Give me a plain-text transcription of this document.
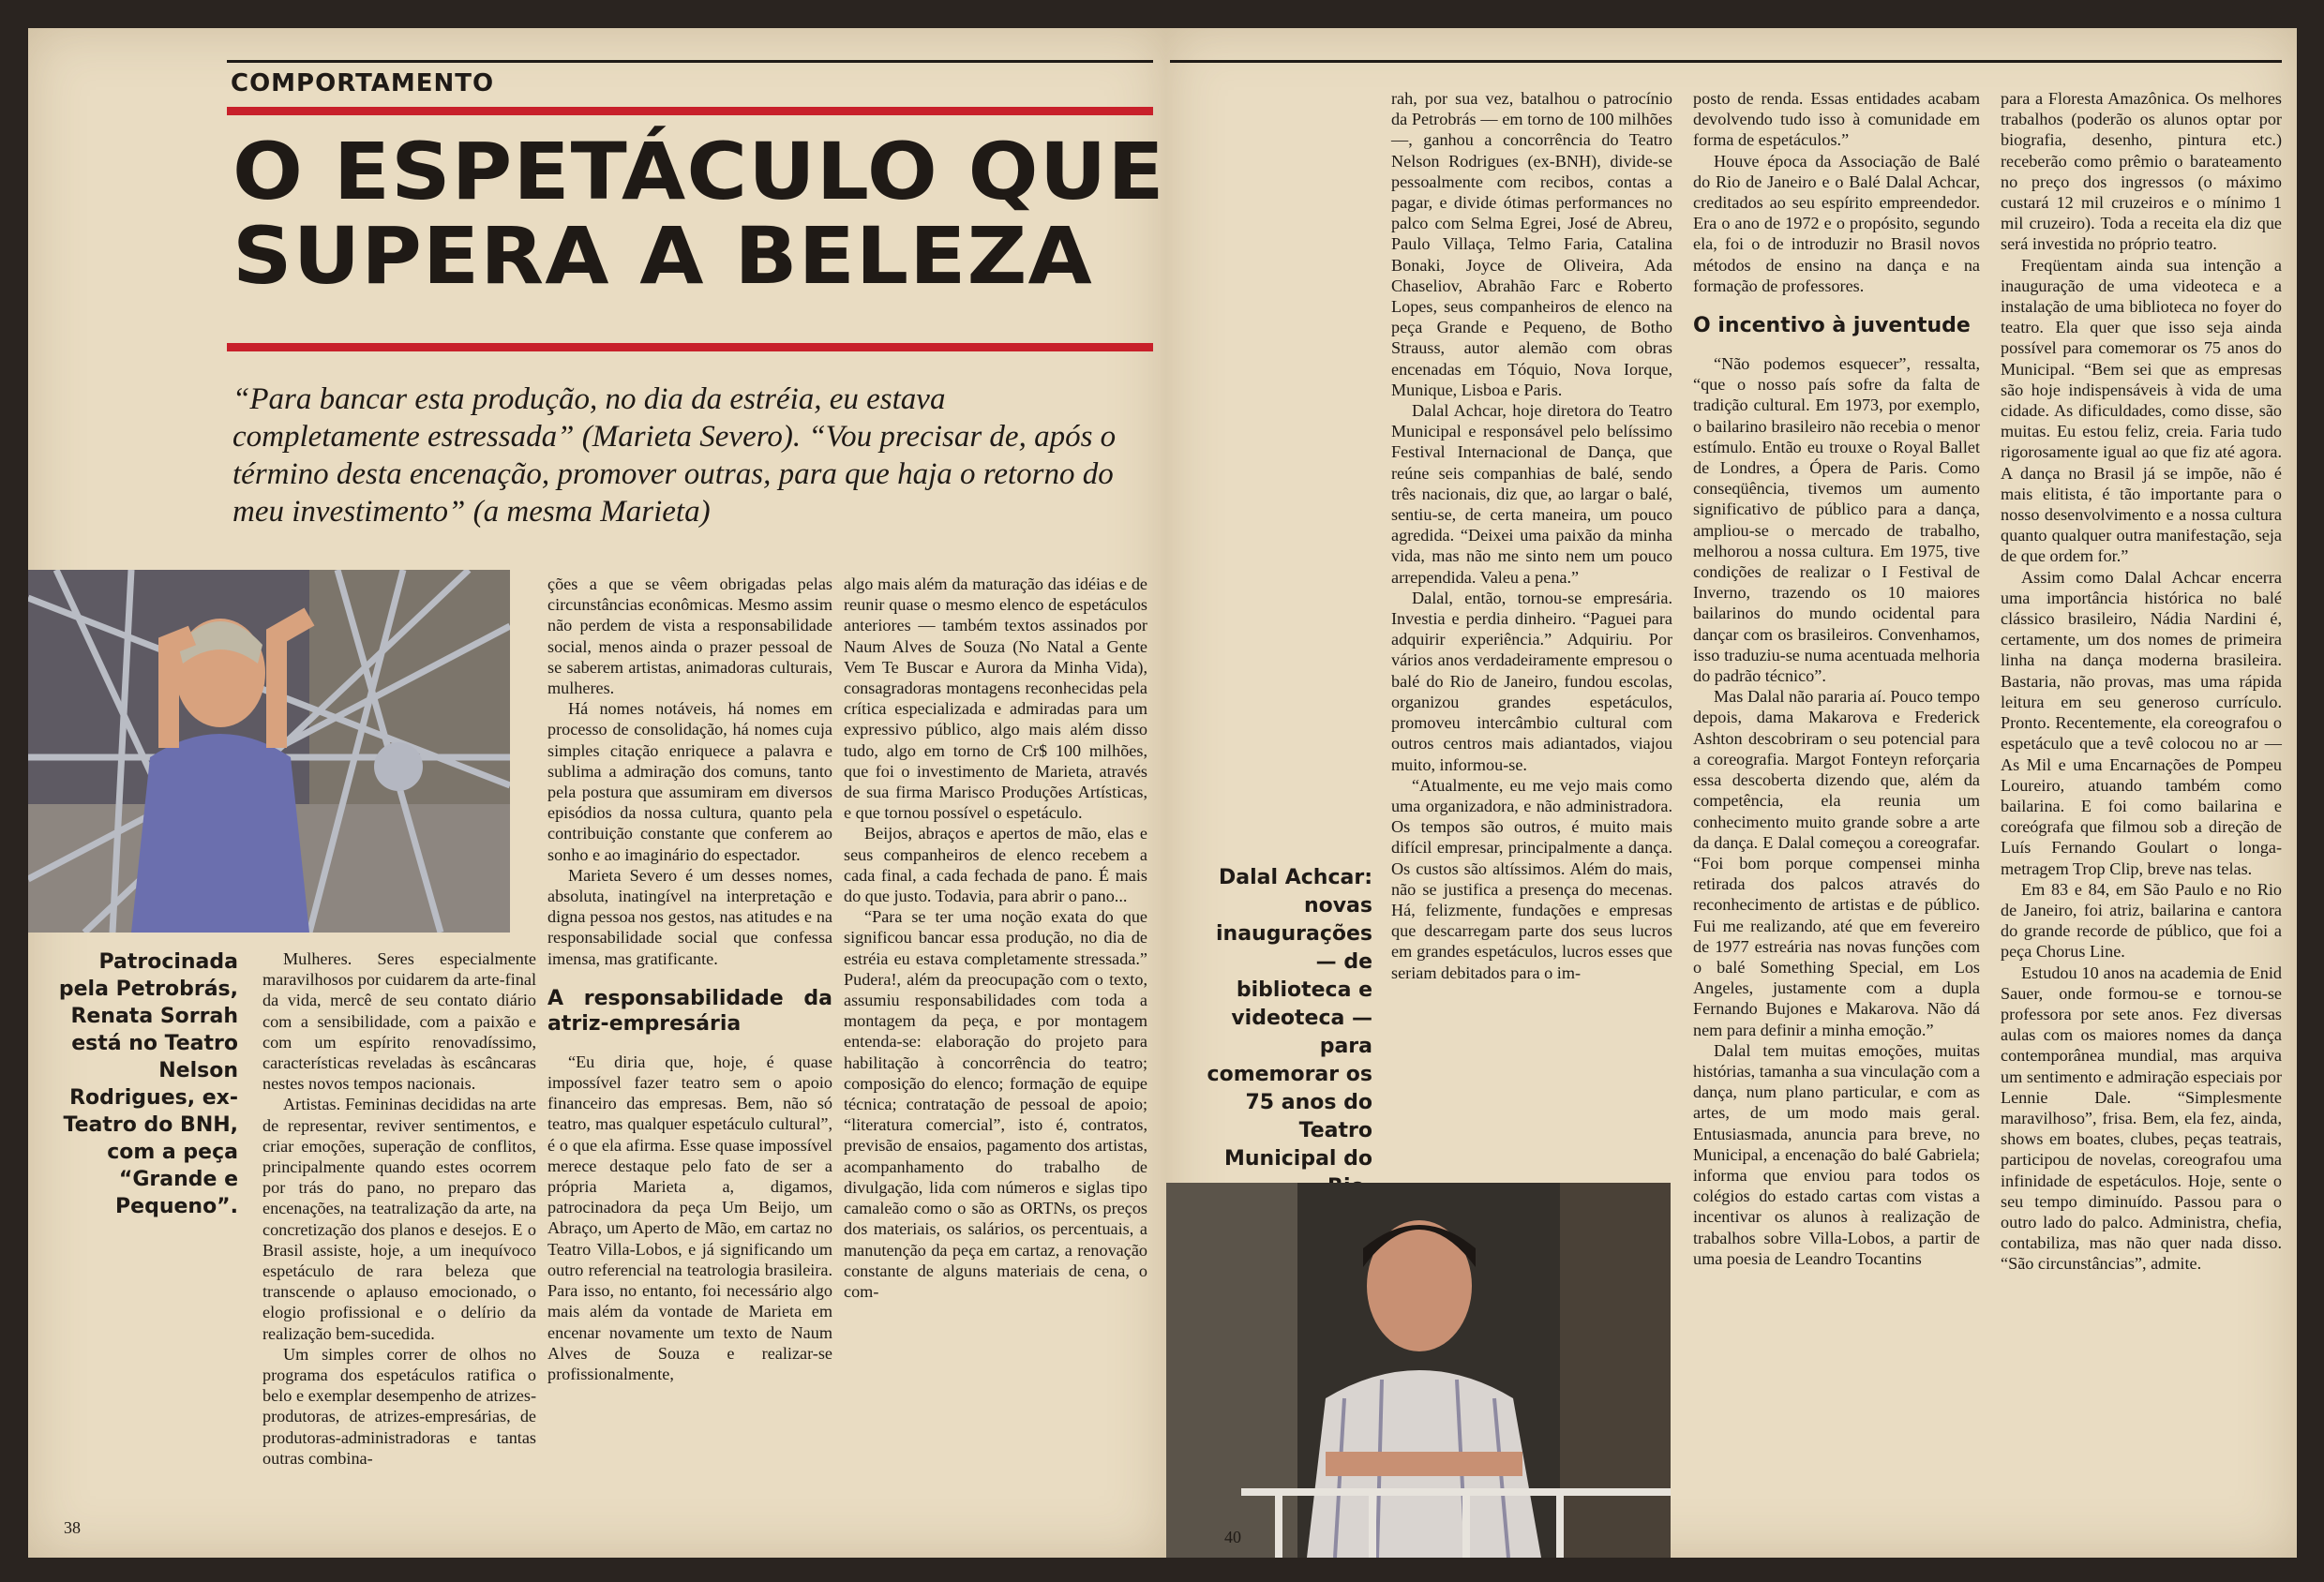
COMPORTAMENTO
O ESPETÁCULO QUE
SUPERA A BELEZA
“Para bancar esta produção, no dia da estréia, eu estava completamente estressada” (Marieta Severo). “Vou precisar de, após o término desta encenação, promover outras, para que haja o retorno do meu investimento” (a mesma Marieta)
Patrocinada pela Petrobrás, Renata Sorrah está no Teatro Nelson Rodrigues, ex-Teatro do BNH, com a peça “Grande e Pequeno”.

Mulheres. Seres especialmente maravilhosos por cuidarem da arte-final da vida, mercê de seu contato diário com a sensibilidade, com a paixão e com um espírito renovadíssimo, características reveladas às escâncaras nestes novos tempos nacionais.

Artistas. Femininas decididas na arte de representar, reviver sentimentos, e criar emoções, superação de conflitos, principalmente quando estes ocorrem por trás do pano, no preparo das encenações, na teatralização da arte, na concretização dos planos e desejos. E o Brasil assiste, hoje, a um inequívoco espetáculo de rara beleza que transcende o aplauso emocionado, o elogio profissional e o delírio da realização bem-sucedida.

Um simples correr de olhos no programa dos espetáculos ratifica o belo e exemplar desempenho de atrizes-produtoras, de atrizes-empresárias, de produtoras-administradoras e tantas outras combina-

ções a que se vêem obrigadas pelas circunstâncias econômicas. Mesmo assim não perdem de vista a responsabilidade social, menos ainda o prazer pessoal de se saberem artistas, animadoras culturais, mulheres.

Há nomes notáveis, há nomes em processo de consolidação, há nomes cuja simples citação enriquece a palavra e sublima a admiração dos comuns, tanto pela postura que assumiram em diversos episódios da nossa cultura, quanto pela contribuição constante que conferem ao sonho e ao imaginário do espectador.

Marieta Severo é um desses nomes, absoluta, inatingível na interpretação e digna pessoa nos gestos, nas atitudes e na responsabilidade social que confessa imensa, mas gratificante.

A responsabilidade da atriz-empresária

“Eu diria que, hoje, é quase impossível fazer teatro sem o apoio financeiro das empresas. Bem, não só teatro, mas qualquer espetáculo cultural”, é o que ela afirma. Esse quase impossível merece destaque pelo fato de ser a própria Marieta a, digamos, patrocinadora da peça Um Beijo, um Abraço, um Aperto de Mão, em cartaz no Teatro Villa-Lobos, e já significando um outro referencial na teatrologia brasileira. Para isso, no entanto, foi necessário algo mais além da vontade de Marieta em encenar novamente um texto de Naum Alves de Souza e realizar-se profissionalmente,

algo mais além da maturação das idéias e de reunir quase o mesmo elenco de espetáculos anteriores — também textos assinados por Naum Alves de Souza (No Natal a Gente Vem Te Buscar e Aurora da Minha Vida), consagradoras montagens reconhecidas pela crítica especializada e admiradas para um expressivo público, algo mais além disso tudo, algo em torno de Cr$ 100 milhões, que foi o investimento de Marieta, através de sua firma Marisco Produções Artísticas, e que tornou possível o espetáculo.

Beijos, abraços e apertos de mão, elas e seus companheiros de elenco recebem a cada final, a cada fechada de pano. É mais do que justo. Todavia, para abrir o pano...

“Para se ter uma noção exata do que significou bancar essa produção, no dia de estréia eu estava completamente stressada.” Pudera!, além da preocupação com o texto, assumiu responsabilidades com toda a montagem da peça, e por montagem entenda-se: elaboração do projeto para habilitação à concorrência do teatro; composição do elenco; formação de equipe técnica; contratação de pessoal de apoio; “literatura comercial”, isto é, contratos, previsão de ensaios, pagamento dos artistas, acompanhamento do trabalho de divulgação, lida com números e siglas tipo camaleão como o são as ORTNs, os preços dos materiais, os salários, os percentuais, a manutenção da peça em cartaz, a renovação constante de alguns materiais de cena, o com-

38

rah, por sua vez, batalhou o patrocínio da Petrobrás — em torno de 100 milhões —, ganhou a concorrência do Teatro Nelson Rodrigues (ex-BNH), divide-se pessoalmente com recibos, contas a pagar, e divide ótimas performances no palco com Selma Egrei, José de Abreu, Paulo Villaça, Telmo Faria, Catalina Bonaki, Joyce de Oliveira, Ada Chaseliov, Abrahão Farc e Roberto Lopes, seus companheiros de elenco na peça Grande e Pequeno, de Botho Strauss, autor alemão com obras encenadas em Tóquio, Nova Iorque, Munique, Lisboa e Paris.

Dalal Achcar, hoje diretora do Teatro Municipal e responsável pelo belíssimo Festival Internacional de Dança, que reúne seis companhias de balé, sendo três nacionais, diz que, ao largar o balé, sentiu-se, de certa maneira, um pouco agredida. “Deixei uma paixão da minha vida, mas não me sinto nem um pouco arrependida. Valeu a pena.”

Dalal, então, tornou-se empresária. Investia e perdia dinheiro. “Paguei para adquirir experiência.” Adquiriu. Por vários anos verdadeiramente empresou o balé do Rio de Janeiro, fundou escolas, organizou grandes espetáculos, promoveu intercâmbio cultural com outros centros mais adiantados, viajou muito, informou-se.

“Atualmente, eu me vejo mais como uma organizadora, e não administradora. Os tempos são outros, é muito mais difícil empresar, principalmente a dança. Os custos são altíssimos. Além do mais, não se justifica a presença do mecenas. Há, felizmente, fundações e empresas que descarregam parte dos seus lucros em grandes espetáculos, lucros esses que seriam debitados para o im-

posto de renda. Essas entidades acabam devolvendo tudo isso à comunidade em forma de espetáculos.”

Houve época da Associação de Balé do Rio de Janeiro e o Balé Dalal Achcar, creditados ao seu espírito empreendedor. Era o ano de 1972 e o propósito, segundo ela, foi o de introduzir no Brasil novos métodos de ensino na dança e na formação de professores.

O incentivo à juventude

“Não podemos esquecer”, ressalta, “que o nosso país sofre da falta de tradição cultural. Em 1973, por exemplo, o bailarino brasileiro não recebia o menor estímulo. Então eu trouxe o Royal Ballet de Londres, a Ópera de Paris. Como conseqüência, tivemos um aumento significativo de público para a dança, ampliou-se o mercado de trabalho, melhorou a nossa cultura. Em 1975, tive condições de realizar o I Festival de Inverno, trazendo os 10 maiores bailarinos do mundo ocidental para dançar com os brasileiros. Convenhamos, isso traduziu-se numa acentuada melhoria do padrão técnico”.

Mas Dalal não pararia aí. Pouco tempo depois, dama Makarova e Frederick Ashton descobriram o seu potencial para a coreografia. Margot Fonteyn reforçaria essa descoberta dizendo que, além da competência, ela reunia um conhecimento muito grande sobre a arte da dança. E Dalal começou a coreografar. “Foi bom porque compensei minha retirada dos palcos através do reconhecimento de artistas e de público. Fui me realizando, até que em fevereiro de 1977 estreária nas novas funções com o balé Something Special, em Los Angeles, justamente com a dupla Fernando Bujones e Makarova. Não dá nem para definir a minha emoção.”

Dalal tem muitas emoções, muitas histórias, tamanha a sua vinculação com a dança, num plano particular, e com as artes, de um modo mais geral. Entusiasmada, anuncia para breve, no Municipal, a encenação do balé Gabriela; informa que enviou para todos os colégios do estado cartas com vistas a incentivar os alunos à realização de trabalhos sobre Villa-Lobos, a partir de uma poesia de Leandro Tocantins

para a Floresta Amazônica. Os melhores trabalhos (poderão os alunos optar por biografia, desenho, pintura etc.) receberão como prêmio o barateamento no preço dos ingressos (o máximo custará 12 mil cruzeiros e o mínimo 1 mil cruzeiro). Toda a receita ela diz que será investida no próprio teatro.

Freqüentam ainda sua intenção a inauguração de uma videoteca e a instalação de uma biblioteca no foyer do teatro. Ela quer que isso seja ainda possível para comemorar os 75 anos do Municipal. “Bem sei que as empresas são hoje indispensáveis à vida de uma cidade. As dificuldades, como disse, são muitas. Eu estou feliz, creia. Faria tudo rigorosamente igual ao que fiz até agora. A dança no Brasil já se impõe, não é mais elitista, é tão importante para o nosso desenvolvimento e a nossa cultura quanto qualquer outra manifestação, seja de que ordem for.”

Assim como Dalal Achcar encerra uma importância histórica no balé clássico brasileiro, Nádia Nardini é, certamente, um dos nomes de primeira linha na dança moderna brasileira. Bastaria, não provas, mas uma rápida leitura em seu generoso currículo. Pronto. Recentemente, ela coreografou o espetáculo que a tevê colocou no ar — As Mil e uma Encarnações de Pompeu Loureiro, atuando também como bailarina. E foi como bailarina e coreógrafa que filmou sob a direção de Luís Fernando Goulart o longa-metragem Trop Clip, breve nas telas.

Em 83 e 84, em São Paulo e no Rio de Janeiro, foi atriz, bailarina e cantora do grande recorde de público, que foi a peça Chorus Line.

Estudou 10 anos na academia de Enid Sauer, onde formou-se e tornou-se professora por sete anos. Fez diversas aulas com os maiores nomes da dança contemporânea mundial, mas arquiva um sentimento e admiração especiais por Lennie Dale. “Simplesmente maravilhoso”, frisa. Bem, ela fez, ainda, shows em boates, clubes, peças teatrais, participou de novelas, coreografou uma infinidade de espetáculos. Hoje, sente o seu tempo diminuído. Passou para o outro lado do palco. Administra, chefia, contabiliza, mas não quer nada disso. “São circunstâncias”, admite.

Dalal Achcar: novas inaugurações — de biblioteca e videoteca — para comemorar os 75 anos do Teatro Municipal do
40
